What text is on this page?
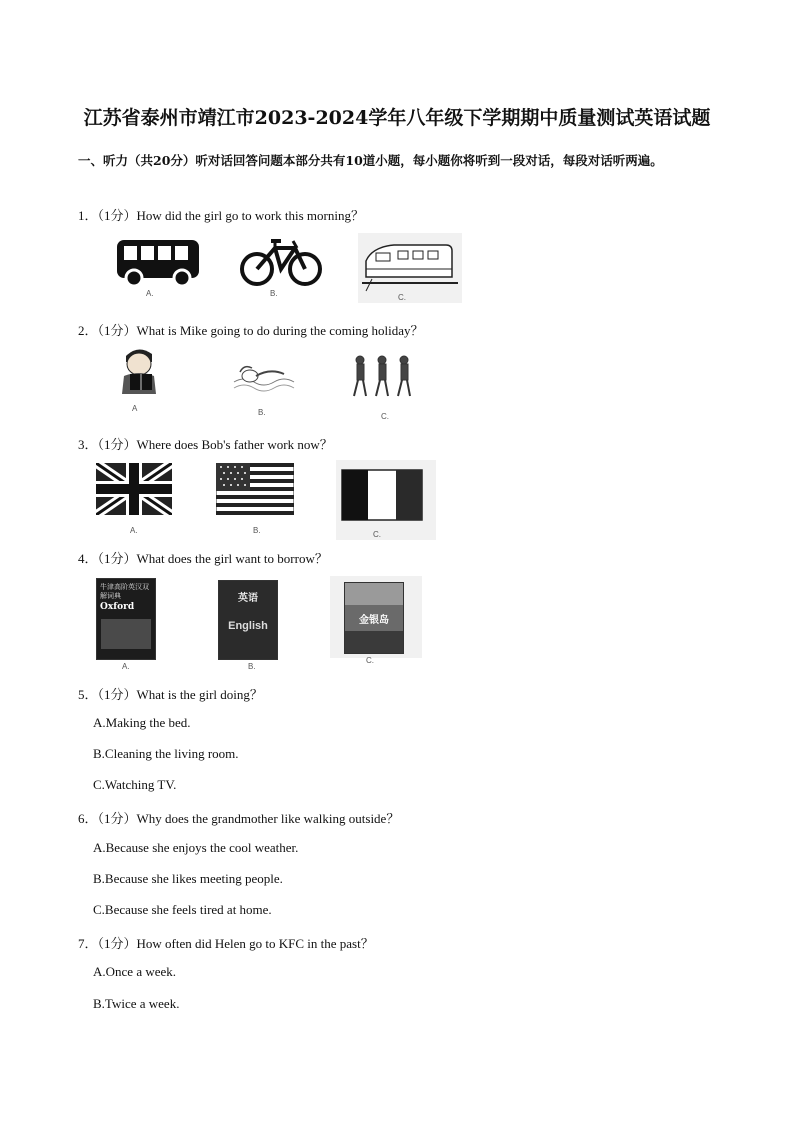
江苏省泰州市靖江市2023-2024学年八年级下学期期中质量测试英语试题
一、听力（共20分）听对话回答问题本部分共有10道小题，每小题你将听到一段对话，每段对话听两遍。
1．（1分）How did the girl go to work this morning？
A.	B.	C.
2．（1分）What is Mike going to do during the coming holiday？
A	B.	C.
3．（1分）Where does Bob's father work now？
A.	B.	C.
4．（1分）What does the girl want to borrow？
牛津高阶英汉双解词典
Oxford
A.
英语
English
B.
金银岛
C.
5．（1分）What is the girl doing？
A.Making the bed.
B.Cleaning the living room.
C.Watching TV.
6．（1分）Why does the grandmother like walking outside？
A.Because she enjoys the cool weather.
B.Because she likes meeting people.
C.Because she feels tired at home.
7．（1分）How often did Helen go to KFC in the past？
A.Once a week.
B.Twice a week.
